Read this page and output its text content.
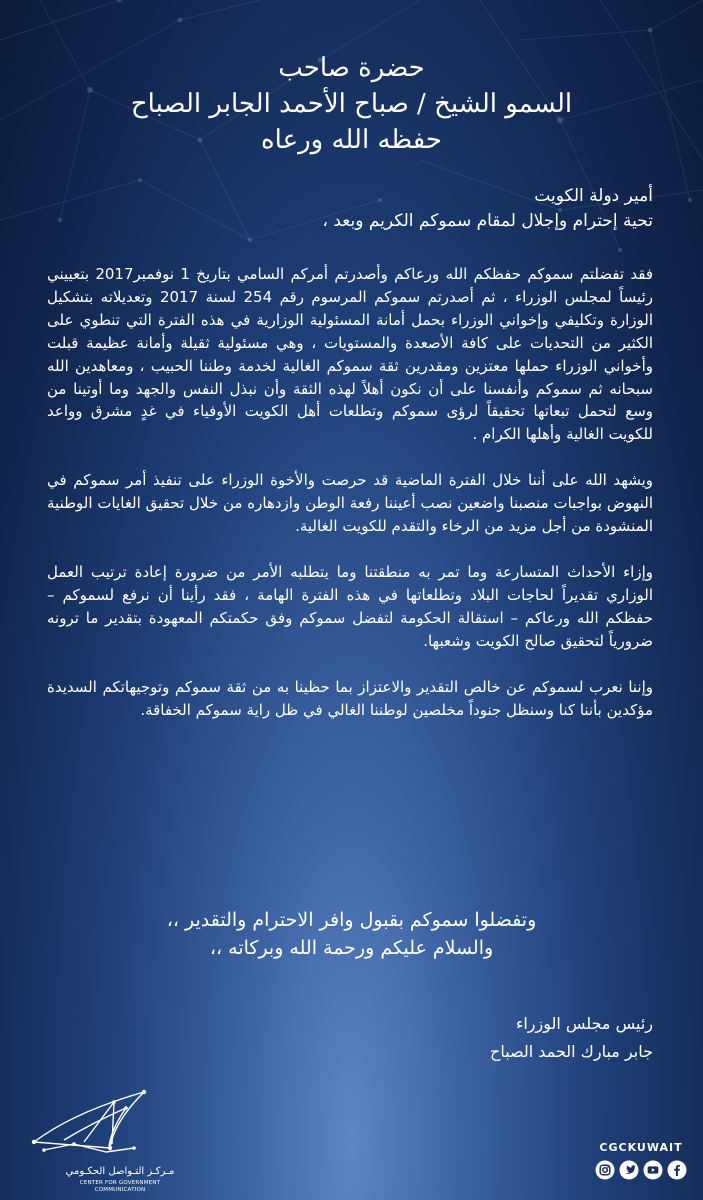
حضرة صاحب
السمو الشيخ / صباح الأحمد الجابر الصباح
حفظه الله ورعاه
أمير دولة الكويت
تحية إحترام وإجلال لمقام سموكم الكريم وبعد ،

فقد تفضلتم سموكم حفظكم الله ورعاكم وأصدرتم أمركم السامي بتاريخ 1 نوفمبر2017 بتعييني رئيساً لمجلس الوزراء ، ثم أصدرتم سموكم المرسوم رقم 254 لسنة 2017 وتعديلاته بتشكيل الوزارة وتكليفي وإخواني الوزراء بحمل أمانة المسئولية الوزارية في هذه الفترة التي تنطوي على الكثير من التحديات على كافة الأصعدة والمستويات ، وهي مسئولية ثقيلة وأمانة عظيمة قبلت وأخواني الوزراء حملها معتزين ومقدرين ثقة سموكم الغالية لخدمة وطننا الحبيب ، ومعاهدين الله سبحانه ثم سموكم وأنفسنا على أن نكون أهلاً لهذه الثقة وأن نبذل النفس والجهد وما أوتينا من وسع لتحمل تبعاتها تحقيقاً لرؤى سموكم وتطلعات أهل الكويت الأوفياء في غدٍ مشرق وواعد للكويت الغالية وأهلها الكرام .

ويشهد الله على أننا خلال الفترة الماضية قد حرصت والأخوة الوزراء على تنفيذ أمر سموكم في النهوض بواجبات منصبنا واضعين نصب أعيننا رفعة الوطن وازدهاره من خلال تحقيق الغايات الوطنية المنشودة من أجل مزيد من الرخاء والتقدم للكويت الغالية.

وإزاء الأحداث المتسارعة وما تمر به منطقتنا وما يتطلبه الأمر من ضرورة إعادة ترتيب العمل الوزاري تقديراً لحاجات البلاد وتطلعاتها في هذه الفترة الهامة ، فقد رأينا أن نرفع لسموكم – حفظكم الله ورعاكم – استقالة الحكومة لتفضل سموكم وفق حكمتكم المعهودة بتقدير ما ترونه ضرورياً لتحقيق صالح الكويت وشعبها.

وإننا نعرب لسموكم عن خالص التقدير والاعتزاز بما حظينا به من ثقة سموكم وتوجيهاتكم السديدة مؤكدين بأننا كنا وسنظل جنوداً مخلصين لوطننا الغالي في ظل راية سموكم الخفاقة.

وتفضلوا سموكم بقبول وافر الاحترام والتقدير ،،
والسلام عليكم ورحمة الله وبركاته ،،
رئيس مجلس الوزراء
جابر مبارك الحمد الصباح
مـركـز التـواصل الحكـومي
CENTER FOR GOVERNMENT COMMUNICATION
CGCKUWAIT
